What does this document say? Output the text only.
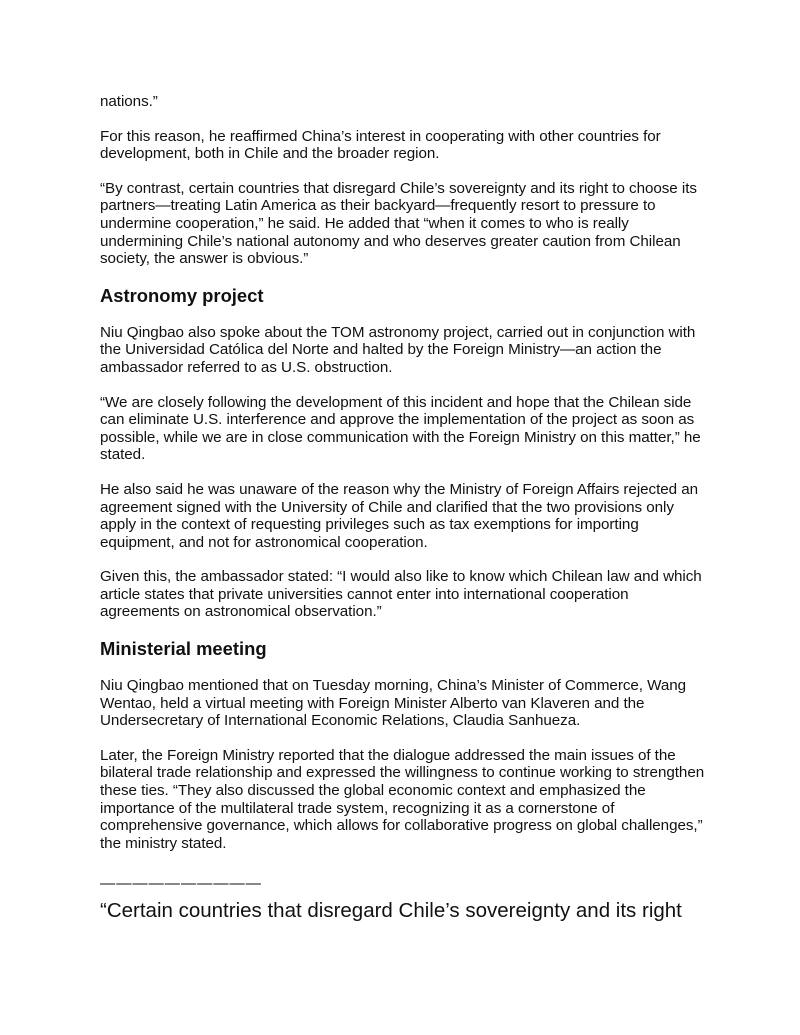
nations.”

For this reason, he reaffirmed China’s interest in cooperating with other countries for development, both in Chile and the broader region.

“By contrast, certain countries that disregard Chile’s sovereignty and its right to choose its partners—treating Latin America as their backyard—frequently resort to pressure to undermine cooperation,” he said. He added that “when it comes to who is really undermining Chile’s national autonomy and who deserves greater caution from Chilean society, the answer is obvious.”

Astronomy project

Niu Qingbao also spoke about the TOM astronomy project, carried out in conjunction with the Universidad Católica del Norte and halted by the Foreign Ministry—an action the ambassador referred to as U.S. obstruction.

“We are closely following the development of this incident and hope that the Chilean side can eliminate U.S. interference and approve the implementation of the project as soon as possible, while we are in close communication with the Foreign Ministry on this matter,” he stated.

He also said he was unaware of the reason why the Ministry of Foreign Affairs rejected an agreement signed with the University of Chile and clarified that the two provisions only apply in the context of requesting privileges such as tax exemptions for importing equipment, and not for astronomical cooperation.

Given this, the ambassador stated: “I would also like to know which Chilean law and which article states that private universities cannot enter into international cooperation agreements on astronomical observation.”

Ministerial meeting

Niu Qingbao mentioned that on Tuesday morning, China’s Minister of Commerce, Wang Wentao, held a virtual meeting with Foreign Minister Alberto van Klaveren and the Undersecretary of International Economic Relations, Claudia Sanhueza.

Later, the Foreign Ministry reported that the dialogue addressed the main issues of the bilateral trade relationship and expressed the willingness to continue working to strengthen these ties. “They also discussed the global economic context and emphasized the importance of the multilateral trade system, recognizing it as a cornerstone of comprehensive governance, which allows for collaborative progress on global challenges,” the ministry stated.

——————————
“Certain countries that disregard Chile’s sovereignty and its right
